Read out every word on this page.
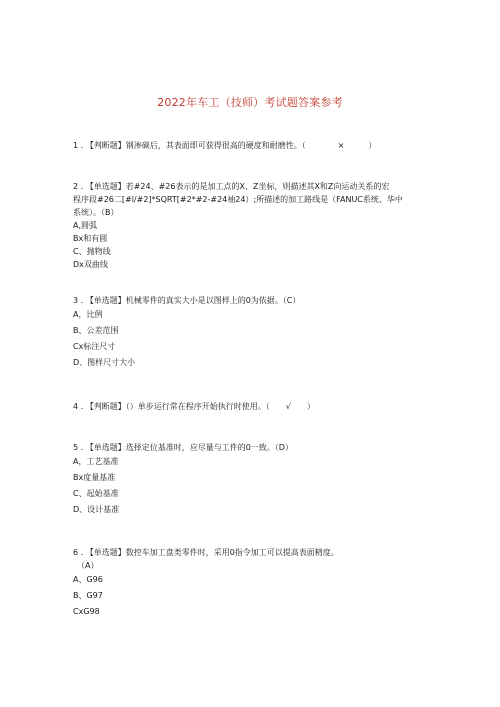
2022年车工（技师）考试题答案参考
1 . 【判断题】钢渗碳后，其表面即可获得很高的硬度和耐磨性。（　　　　×　　　）
2 . 【单选题】若#24、#26表示的是加工点的X、Z坐标，则描述其X和Z向运动关系的宏
程序段#26二[#l/#2]*SQRT[#2*#2-#24袖24）;所描述的加工路线是（FANUC系统、华中
系统）。（B）
A,圆弧
Bx和有圆
C、抛物线
Dx双曲线
3 . 【单选题】机械零件的真实大小是以图样上的0为依据。（C）
A，比例
B、公差范围
Cx标注尺寸
D、图样尺寸大小
4 . 【判断题】（）单步运行常在程序开始执行时使用。（　　√　　）
5 . 【单选题】选择定位基准时，应尽量与工件的0一致。（D）
A，工艺基准
Bx度量基准
C、起始基准
D、设计基准
6 . 【单选题】数控车加工盘类零件时，采用0指令加工可以提高表面精度。
（A）
A、G96
B、G97
CxG98
